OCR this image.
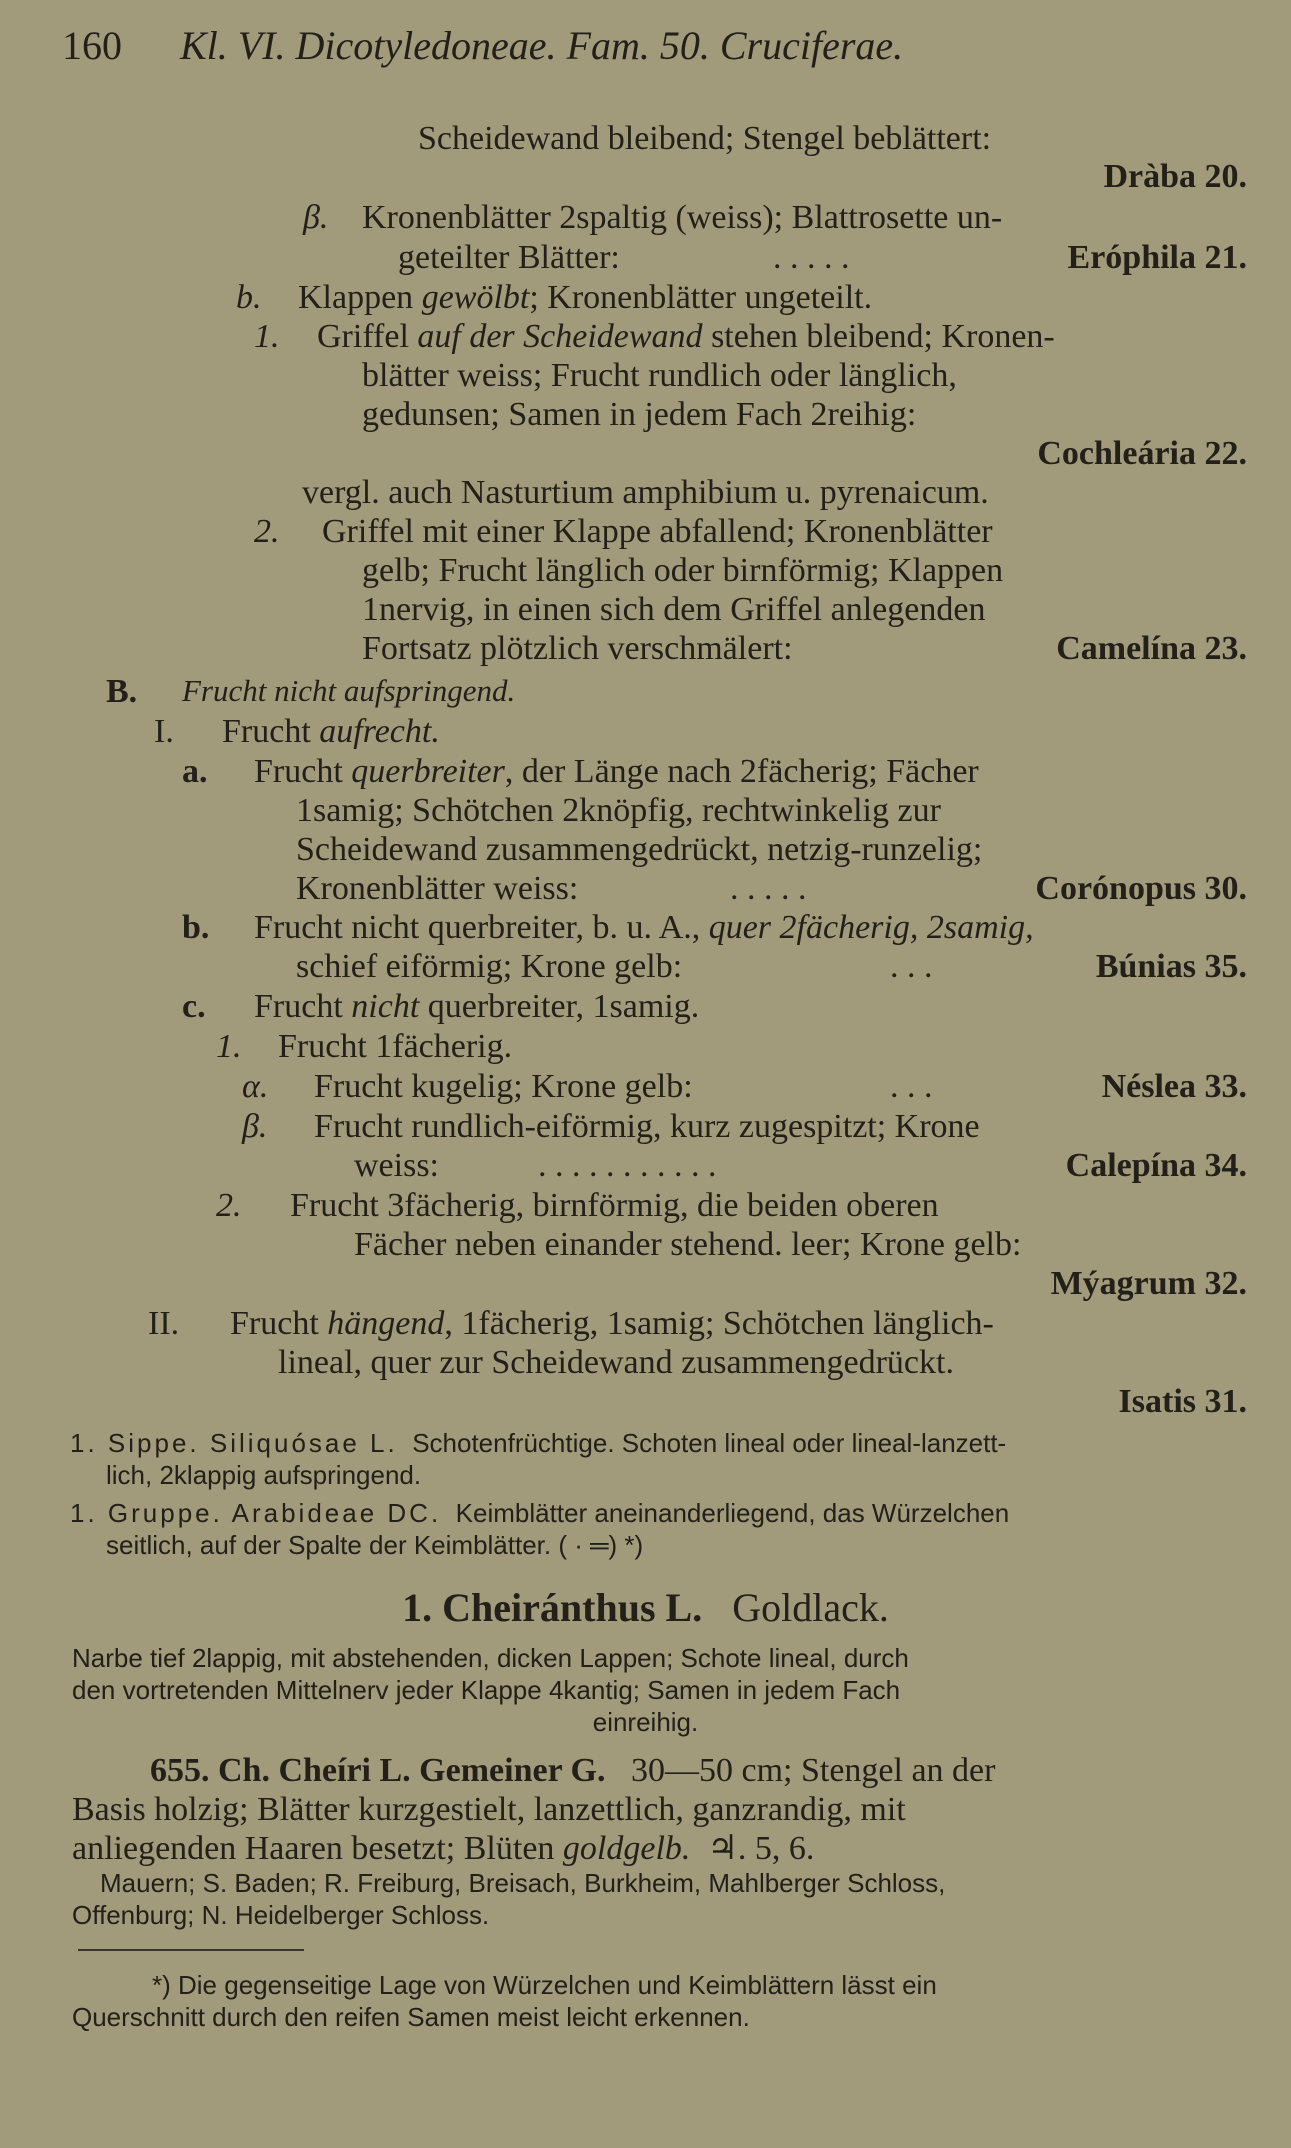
160 Kl. VI. Dicotyledoneae. Fam. 50. Cruciferae.
Scheidewand bleibend; Stengel beblättert:
Dràba 20.
β. Kronenblätter 2spaltig (weiss); Blattrosette un-
geteilter Blätter:	. . . . .	Eróphila 21.
b. Klappen gewölbt; Kronenblätter ungeteilt.
1. Griffel auf der Scheidewand stehen bleibend; Kronen-
blätter weiss; Frucht rundlich oder länglich,
gedunsen; Samen in jedem Fach 2reihig:
Cochleária 22.
vergl. auch Nasturtium amphibium u. pyrenaicum.
2. Griffel mit einer Klappe abfallend; Kronenblätter
gelb; Frucht länglich oder birnförmig; Klappen
1nervig, in einen sich dem Griffel anlegenden
Fortsatz plötzlich verschmälert:	Camelína 23.
B. Frucht nicht aufspringend.
I. Frucht aufrecht.
a. Frucht querbreiter, der Länge nach 2fächerig; Fächer
1samig; Schötchen 2knöpfig, rechtwinkelig zur
Scheidewand zusammengedrückt, netzig-runzelig;
Kronenblätter weiss:	. . . . .	Corónopus 30.
b. Frucht nicht querbreiter, b. u. A., quer 2fächerig, 2samig,
schief eiförmig; Krone gelb:	. . .	Búnias 35.
c. Frucht nicht querbreiter, 1samig.
1. Frucht 1fächerig.
α. Frucht kugelig; Krone gelb:	. . .	Néslea 33.
β. Frucht rundlich-eiförmig, kurz zugespitzt; Krone
weiss:	. . . . . . . . . . .	Calepína 34.
2. Frucht 3fächerig, birnförmig, die beiden oberen
Fächer neben einander stehend. leer; Krone gelb:
Mýagrum 32.
II. Frucht hängend, 1fächerig, 1samig; Schötchen länglich-
lineal, quer zur Scheidewand zusammengedrückt.
Isatis 31.
1. Sippe. Siliquósae L. Schotenfrüchtige. Schoten lineal oder lineal-lanzett-
lich, 2klappig aufspringend.
1. Gruppe. Arabideae DC. Keimblätter aneinanderliegend, das Würzelchen
seitlich, auf der Spalte der Keimblätter. ( · ═) *)
1. Cheiránthus L. Goldlack.
Narbe tief 2lappig, mit abstehenden, dicken Lappen; Schote lineal, durch
den vortretenden Mittelnerv jeder Klappe 4kantig; Samen in jedem Fach
einreihig.
655. Ch. Cheíri L. Gemeiner G. 30—50 cm; Stengel an der
Basis holzig; Blätter kurzgestielt, lanzettlich, ganzrandig, mit
anliegenden Haaren besetzt; Blüten goldgelb. ♃. 5, 6.
Mauern; S. Baden; R. Freiburg, Breisach, Burkheim, Mahlberger Schloss,
Offenburg; N. Heidelberger Schloss.
*) Die gegenseitige Lage von Würzelchen und Keimblättern lässt ein
Querschnitt durch den reifen Samen meist leicht erkennen.
